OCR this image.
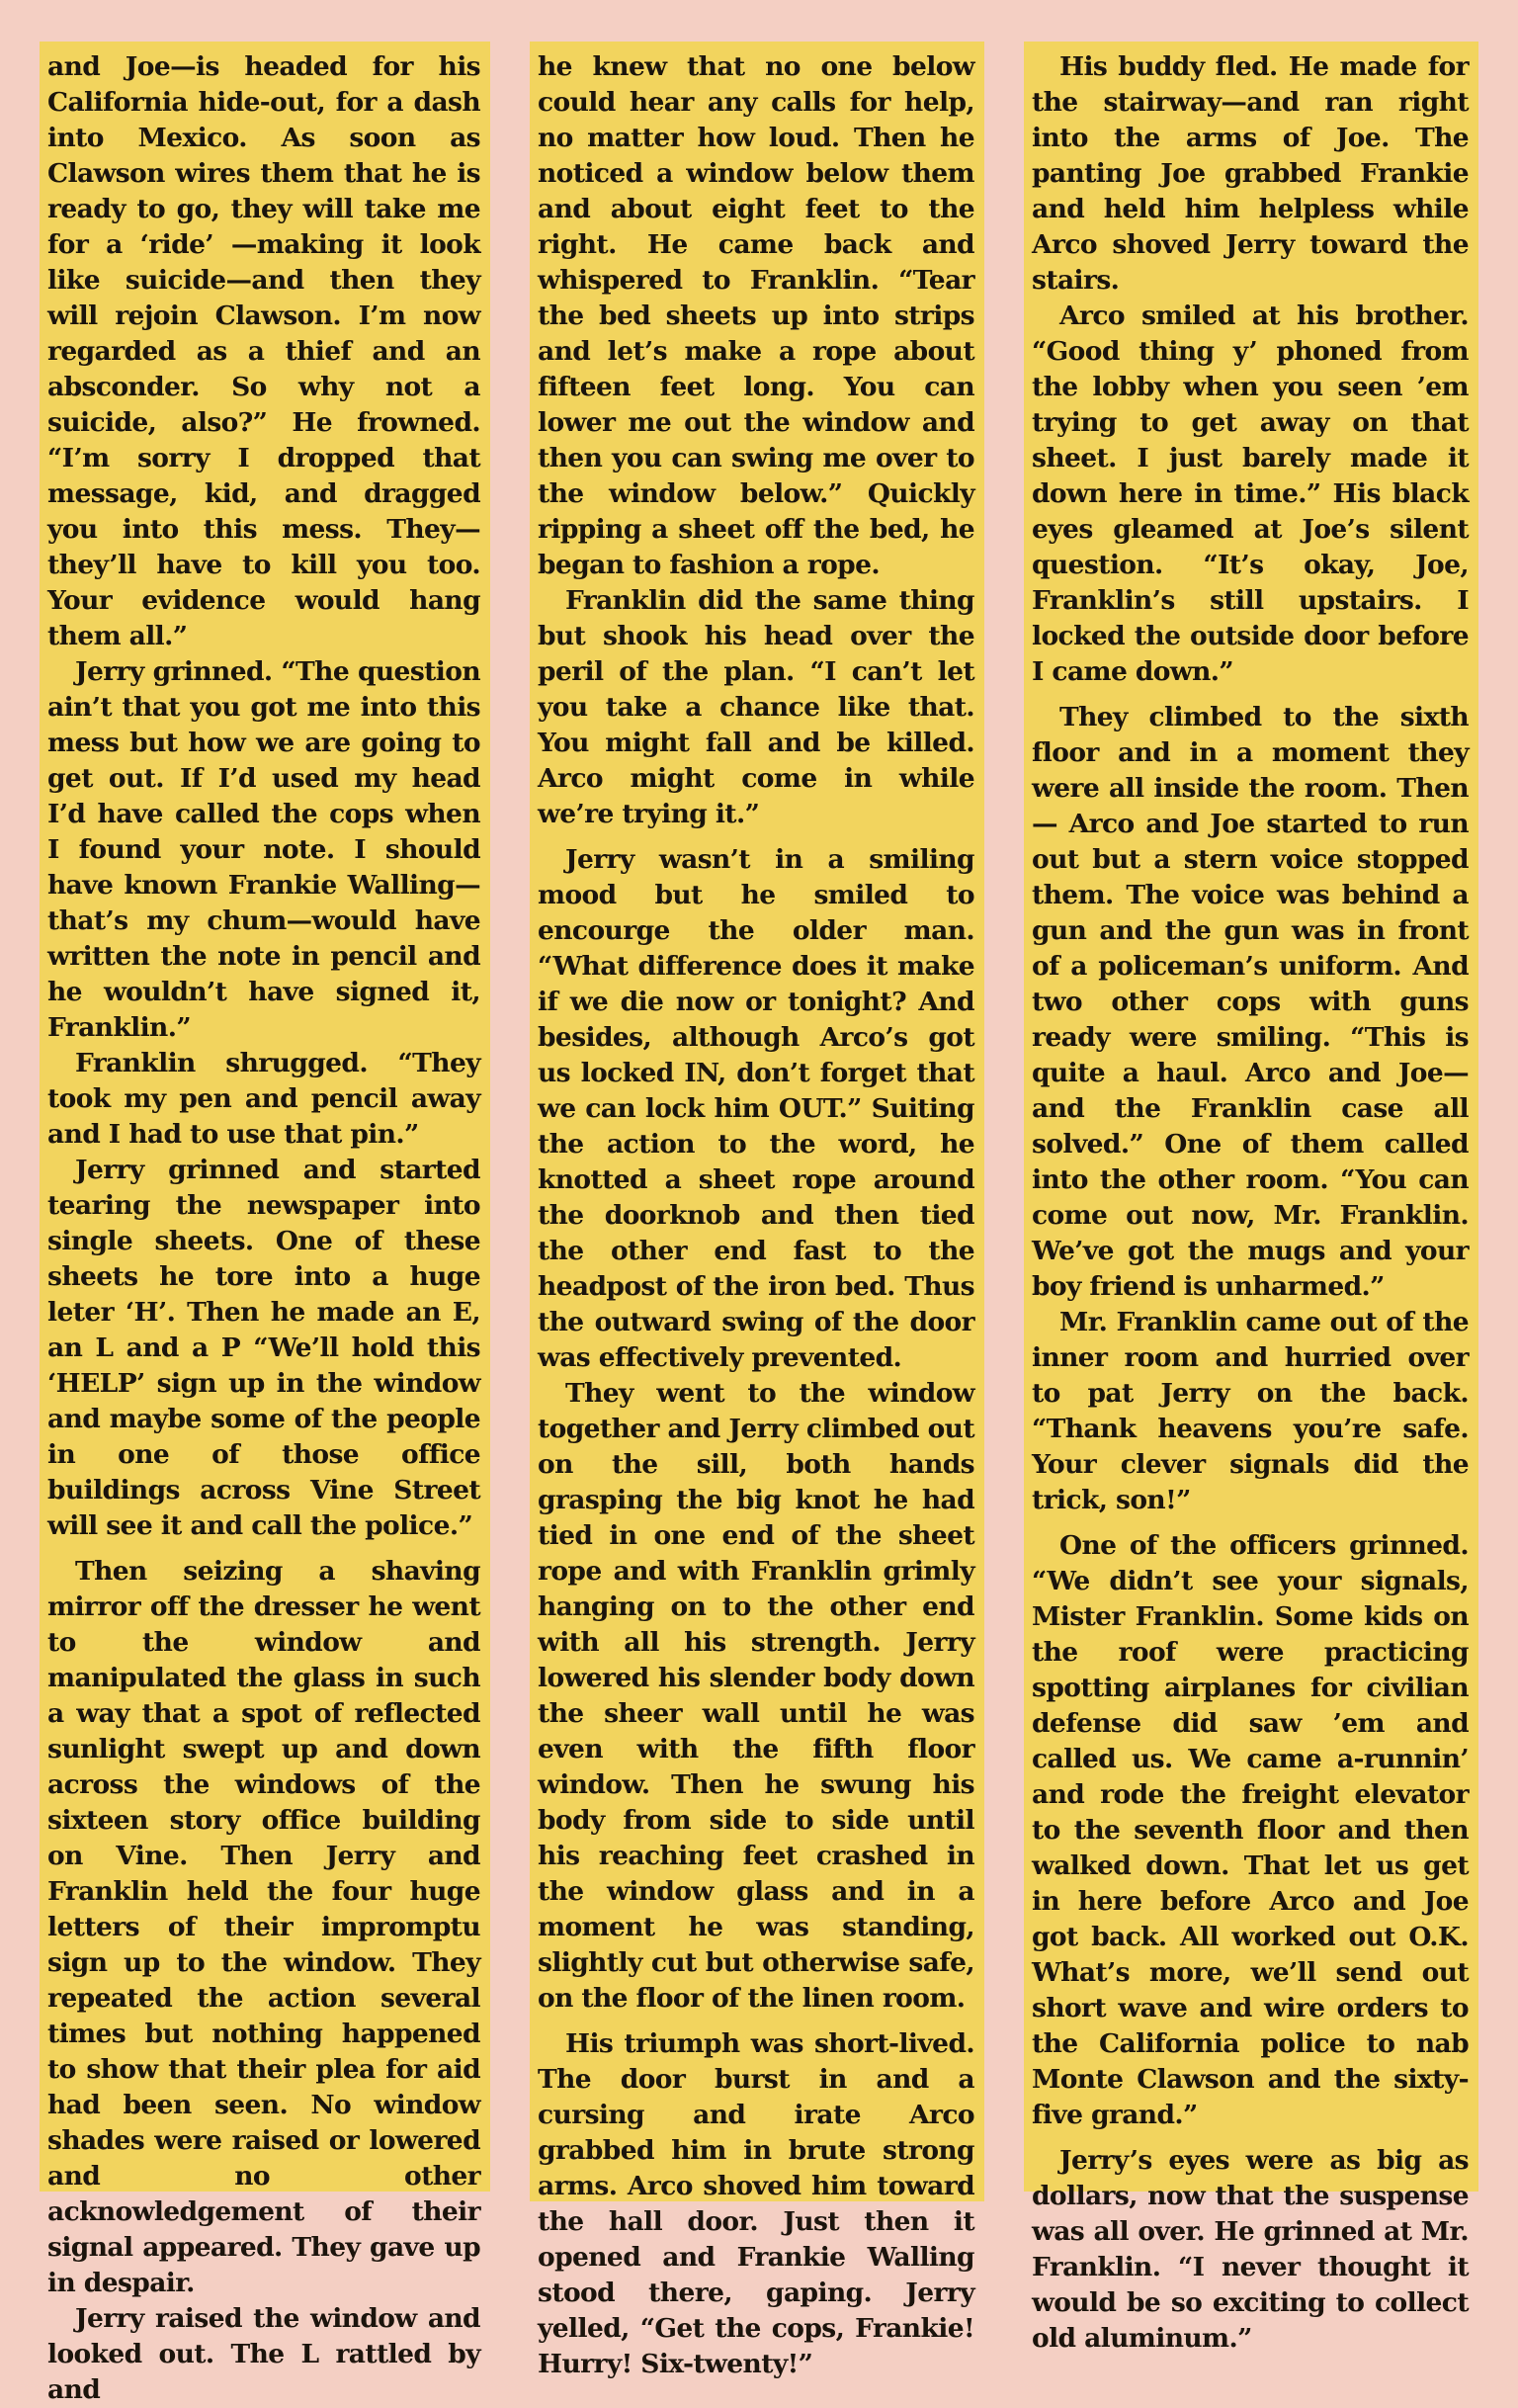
and Joe—is headed for his California hide-out, for a dash into Mexico. As soon as Clawson wires them that he is ready to go, they will take me for a ‘ride’ —making it look like suicide—and then they will rejoin Clawson. I’m now regarded as a thief and an absconder. So why not a suicide, also?” He frowned. “I’m sorry I dropped that message, kid, and dragged you into this mess. They—they’ll have to kill you too. Your evidence would hang them all.”

Jerry grinned. “The question ain’t that you got me into this mess but how we are going to get out. If I’d used my head I’d have called the cops when I found your note. I should have known Frankie Walling—that’s my chum—would have written the note in pencil and he wouldn’t have signed it, Franklin.”

Franklin shrugged. “They took my pen and pencil away and I had to use that pin.”

Jerry grinned and started tearing the newspaper into single sheets. One of these sheets he tore into a huge leter ‘H’. Then he made an E, an L and a P “We’ll hold this ‘HELP’ sign up in the window and maybe some of the people in one of those office buildings across Vine Street will see it and call the police.”

Then seizing a shaving mirror off the dresser he went to the window and manipulated the glass in such a way that a spot of reflected sunlight swept up and down across the windows of the sixteen story office building on Vine. Then Jerry and Franklin held the four huge letters of their impromptu sign up to the window. They repeated the action several times but nothing happened to show that their plea for aid had been seen. No window shades were raised or lowered and no other acknowledgement of their signal appeared. They gave up in despair.

Jerry raised the window and looked out. The L rattled by and

he knew that no one below could hear any calls for help, no matter how loud. Then he noticed a window below them and about eight feet to the right. He came back and whispered to Franklin. “Tear the bed sheets up into strips and let’s make a rope about fifteen feet long. You can lower me out the window and then you can swing me over to the window below.” Quickly ripping a sheet off the bed, he began to fashion a rope.

Franklin did the same thing but shook his head over the peril of the plan. “I can’t let you take a chance like that. You might fall and be killed. Arco might come in while we’re trying it.”

Jerry wasn’t in a smiling mood but he smiled to encourge the older man. “What difference does it make if we die now or tonight? And besides, although Arco’s got us locked IN, don’t forget that we can lock him OUT.” Suiting the action to the word, he knotted a sheet rope around the doorknob and then tied the other end fast to the headpost of the iron bed. Thus the outward swing of the door was effectively prevented.

They went to the window together and Jerry climbed out on the sill, both hands grasping the big knot he had tied in one end of the sheet rope and with Franklin grimly hanging on to the other end with all his strength. Jerry lowered his slender body down the sheer wall until he was even with the fifth floor window. Then he swung his body from side to side until his reaching feet crashed in the window glass and in a moment he was standing, slightly cut but otherwise safe, on the floor of the linen room.

His triumph was short-lived. The door burst in and a cursing and irate Arco grabbed him in brute strong arms. Arco shoved him toward the hall door. Just then it opened and Frankie Walling stood there, gaping. Jerry yelled, “Get the cops, Frankie! Hurry! Six-twenty!”

His buddy fled. He made for the stairway—and ran right into the arms of Joe. The panting Joe grabbed Frankie and held him helpless while Arco shoved Jerry toward the stairs.

Arco smiled at his brother. “Good thing y’ phoned from the lobby when you seen ’em trying to get away on that sheet. I just barely made it down here in time.” His black eyes gleamed at Joe’s silent question. “It’s okay, Joe, Franklin’s still upstairs. I locked the outside door before I came down.”

They climbed to the sixth floor and in a moment they were all inside the room. Then — Arco and Joe started to run out but a stern voice stopped them. The voice was behind a gun and the gun was in front of a policeman’s uniform. And two other cops with guns ready were smiling. “This is quite a haul. Arco and Joe—and the Franklin case all solved.” One of them called into the other room. “You can come out now, Mr. Franklin. We’ve got the mugs and your boy friend is unharmed.”

Mr. Franklin came out of the inner room and hurried over to pat Jerry on the back. “Thank heavens you’re safe. Your clever signals did the trick, son!”

One of the officers grinned. “We didn’t see your signals, Mister Franklin. Some kids on the roof were practicing spotting airplanes for civilian defense did saw ’em and called us. We came a-runnin’ and rode the freight elevator to the seventh floor and then walked down. That let us get in here before Arco and Joe got back. All worked out O.K. What’s more, we’ll send out short wave and wire orders to the California police to nab Monte Clawson and the sixty-five grand.”

Jerry’s eyes were as big as dollars, now that the suspense was all over. He grinned at Mr. Franklin. “I never thought it would be so exciting to collect old aluminum.”
